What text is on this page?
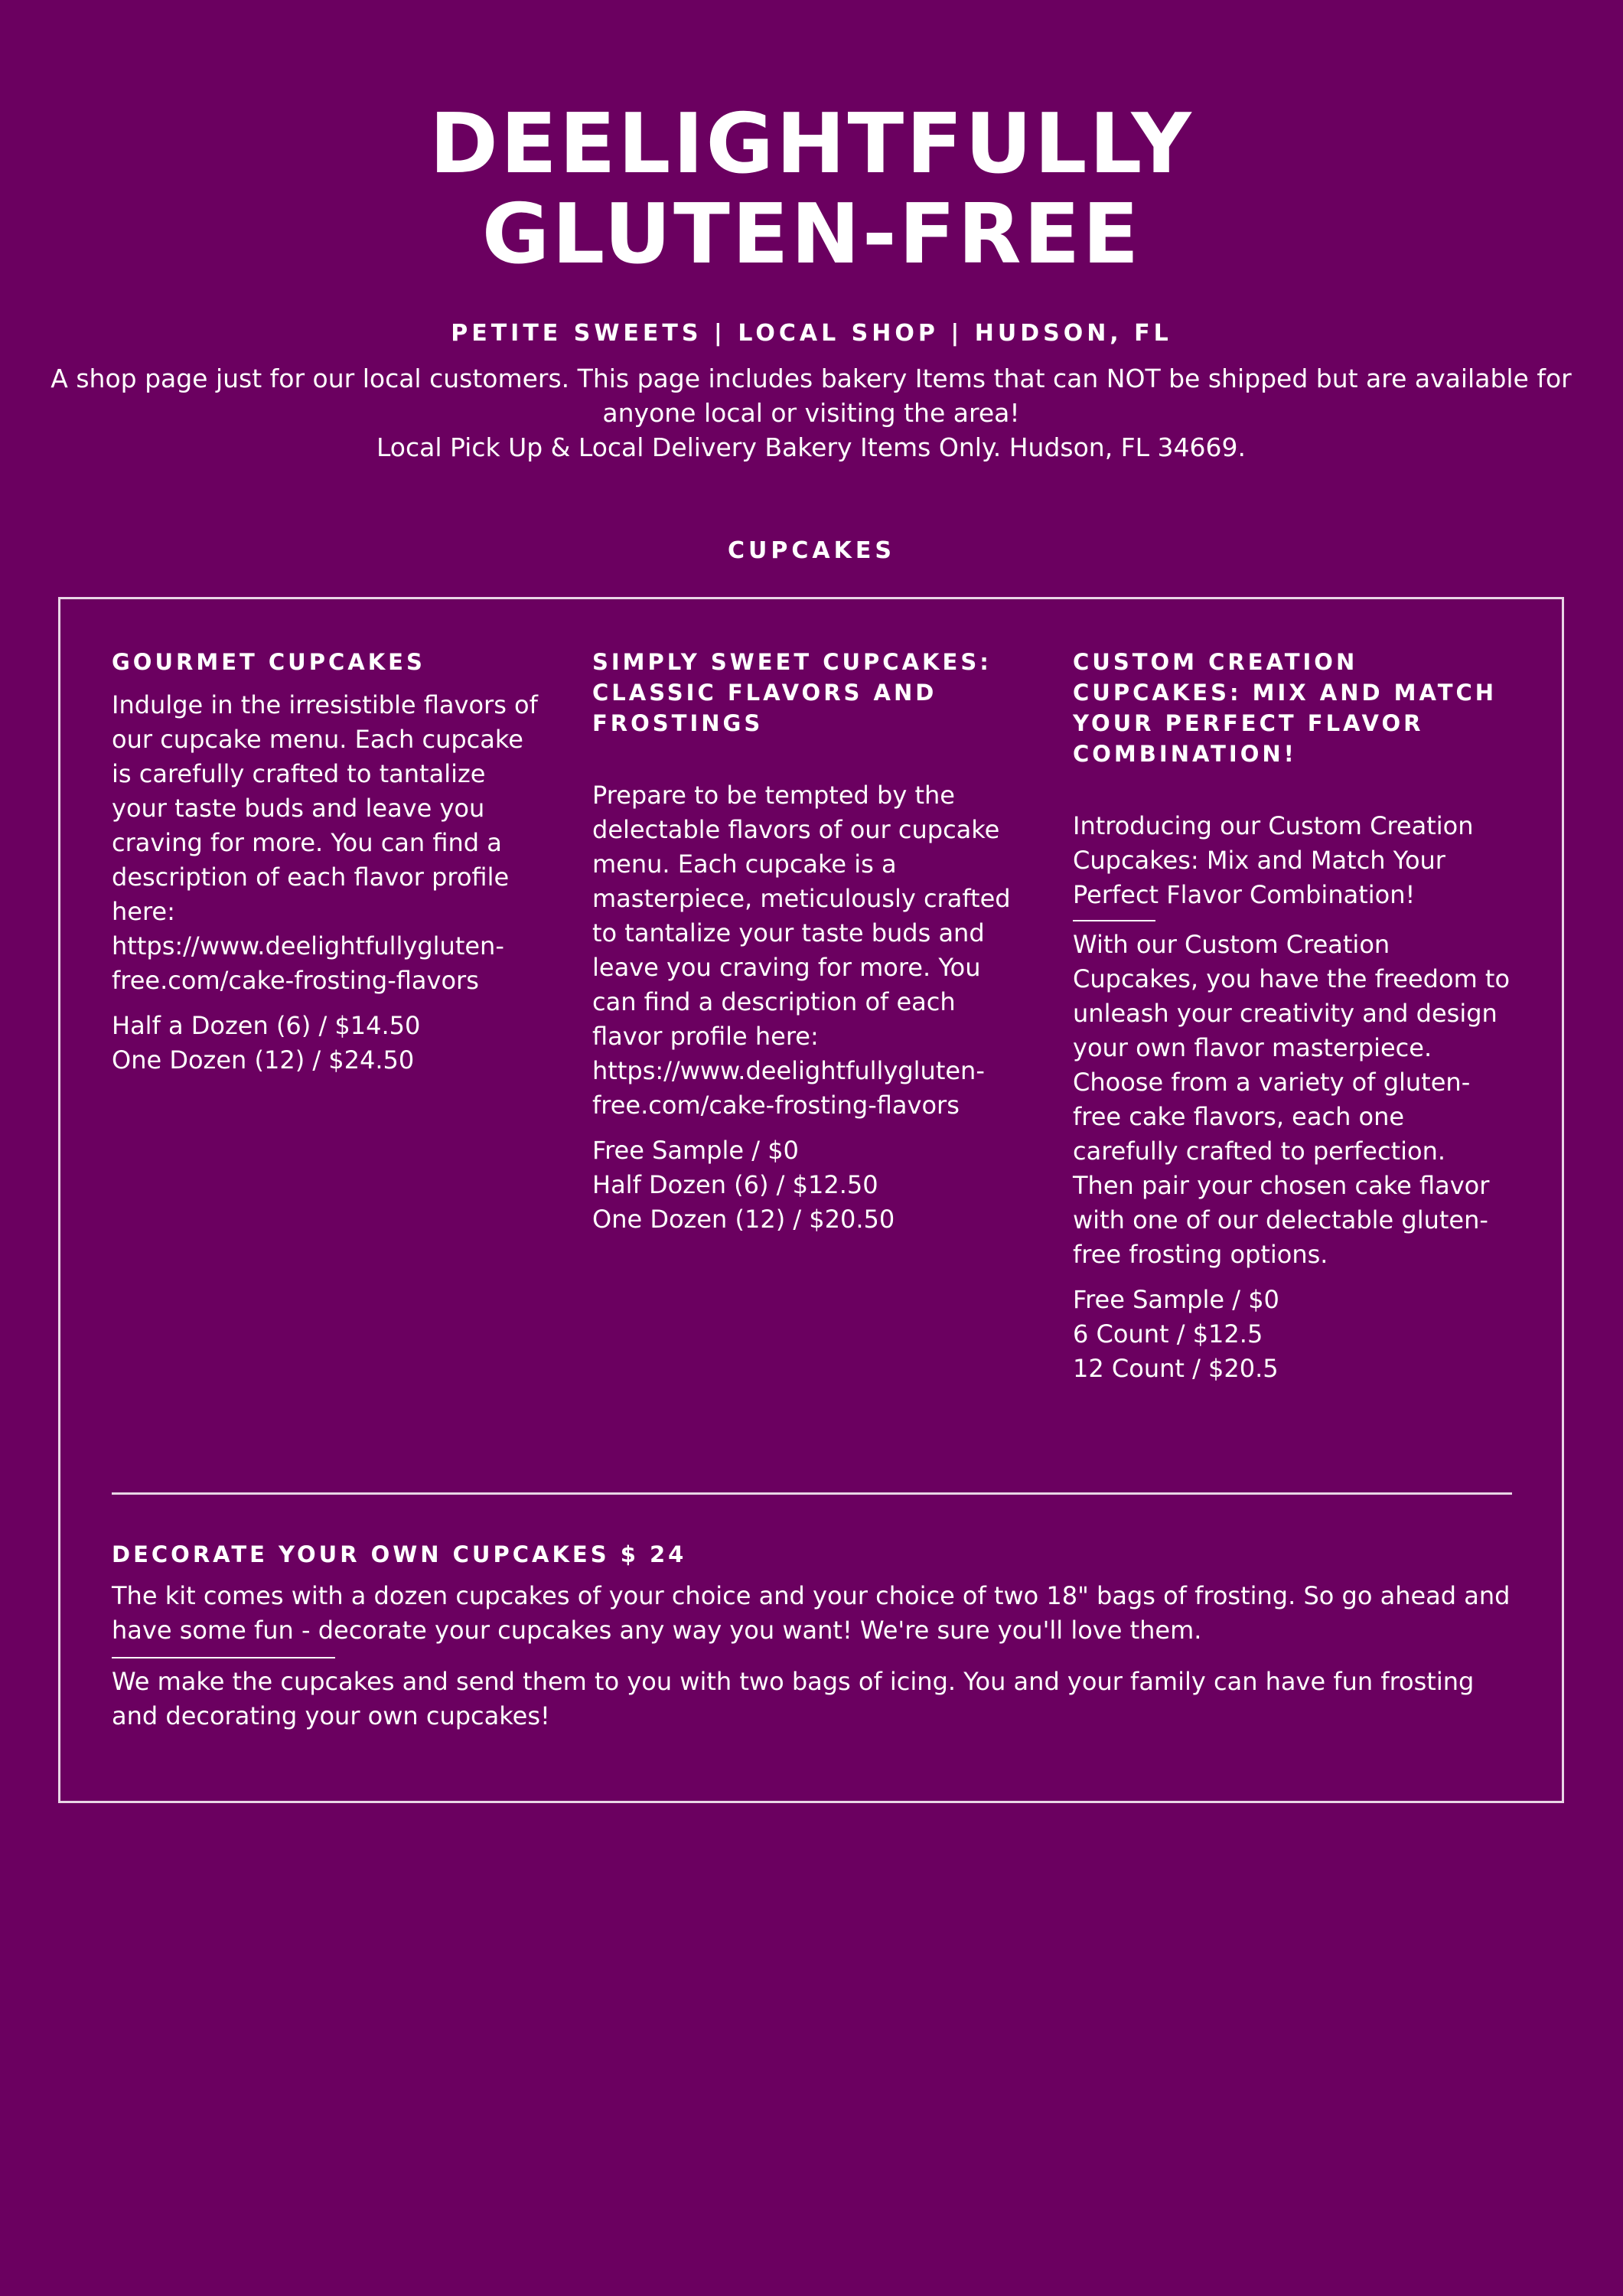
DEELIGHTFULLY
GLUTEN-FREE

PETITE SWEETS | LOCAL SHOP | HUDSON, FL

A shop page just for our local customers. This page includes bakery Items that can NOT be shipped but are available for anyone local or visiting the area!

Local Pick Up & Local Delivery Bakery Items Only. Hudson, FL 34669.

CUPCAKES
GOURMET CUPCAKES

Indulge in the irresistible flavors of our cupcake menu. Each cupcake is carefully crafted to tantalize your taste buds and leave you craving for more. You can find a description of each flavor profile here: https://www.deelightfullygluten-free.com/cake-frosting-flavors

Half a Dozen (6) / $14.50
One Dozen (12) / $24.50
SIMPLY SWEET CUPCAKES: CLASSIC FLAVORS AND FROSTINGS

Prepare to be tempted by the delectable flavors of our cupcake menu. Each cupcake is a masterpiece, meticulously crafted to tantalize your taste buds and leave you craving for more. You can find a description of each flavor profile here: https://www.deelightfullygluten-free.com/cake-frosting-flavors

Free Sample / $0
Half Dozen (6) / $12.50
One Dozen (12) / $20.50
CUSTOM CREATION CUPCAKES: MIX AND MATCH YOUR PERFECT FLAVOR COMBINATION!

Introducing our Custom Creation Cupcakes: Mix and Match Your Perfect Flavor Combination!

With our Custom Creation Cupcakes, you have the freedom to unleash your creativity and design your own flavor masterpiece. Choose from a variety of gluten-free cake flavors, each one carefully crafted to perfection.

Then pair your chosen cake flavor with one of our delectable gluten-free frosting options.

Free Sample / $0
6 Count / $12.5
12 Count / $20.5
DECORATE YOUR OWN CUPCAKES $ 24

The kit comes with a dozen cupcakes of your choice and your choice of two 18" bags of frosting. So go ahead and have some fun - decorate your cupcakes any way you want! We're sure you'll love them.

We make the cupcakes and send them to you with two bags of icing. You and your family can have fun frosting and decorating your own cupcakes!
